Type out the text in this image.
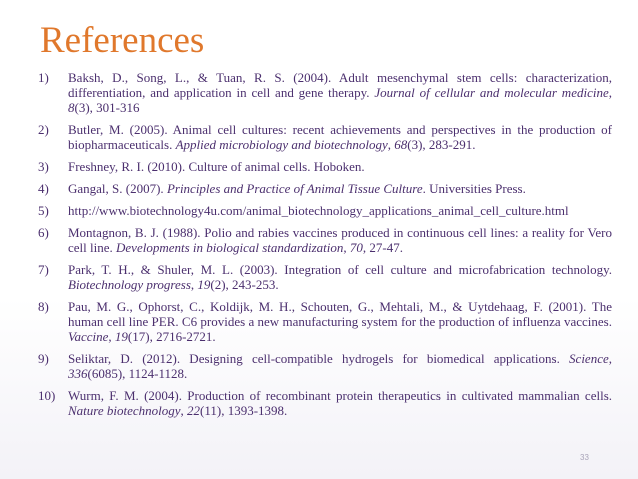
References
1)	Baksh, D., Song, L., & Tuan, R. S. (2004). Adult mesenchymal stem cells: characterization, differentiation, and application in cell and gene therapy. Journal of cellular and molecular medicine, 8(3), 301-316
2)	Butler, M. (2005). Animal cell cultures: recent achievements and perspectives in the production of biopharmaceuticals. Applied microbiology and biotechnology, 68(3), 283-291.
3)	Freshney, R. I. (2010). Culture of animal cells. Hoboken.
4)	Gangal, S. (2007). Principles and Practice of Animal Tissue Culture. Universities Press.
5)	http://www.biotechnology4u.com/animal_biotechnology_applications_animal_cell_culture.html
6)	Montagnon, B. J. (1988). Polio and rabies vaccines produced in continuous cell lines: a reality for Vero cell line. Developments in biological standardization, 70, 27-47.
7)	Park, T. H., & Shuler, M. L. (2003). Integration of cell culture and microfabrication technology. Biotechnology progress, 19(2), 243-253.
8)	Pau, M. G., Ophorst, C., Koldijk, M. H., Schouten, G., Mehtali, M., & Uytdehaag, F. (2001). The human cell line PER. C6 provides a new manufacturing system for the production of influenza vaccines. Vaccine, 19(17), 2716-2721.
9)	Seliktar, D. (2012). Designing cell-compatible hydrogels for biomedical applications. Science, 336(6085), 1124-1128.
10) Wurm, F. M. (2004). Production of recombinant protein therapeutics in cultivated mammalian cells. Nature biotechnology, 22(11), 1393-1398.
33
